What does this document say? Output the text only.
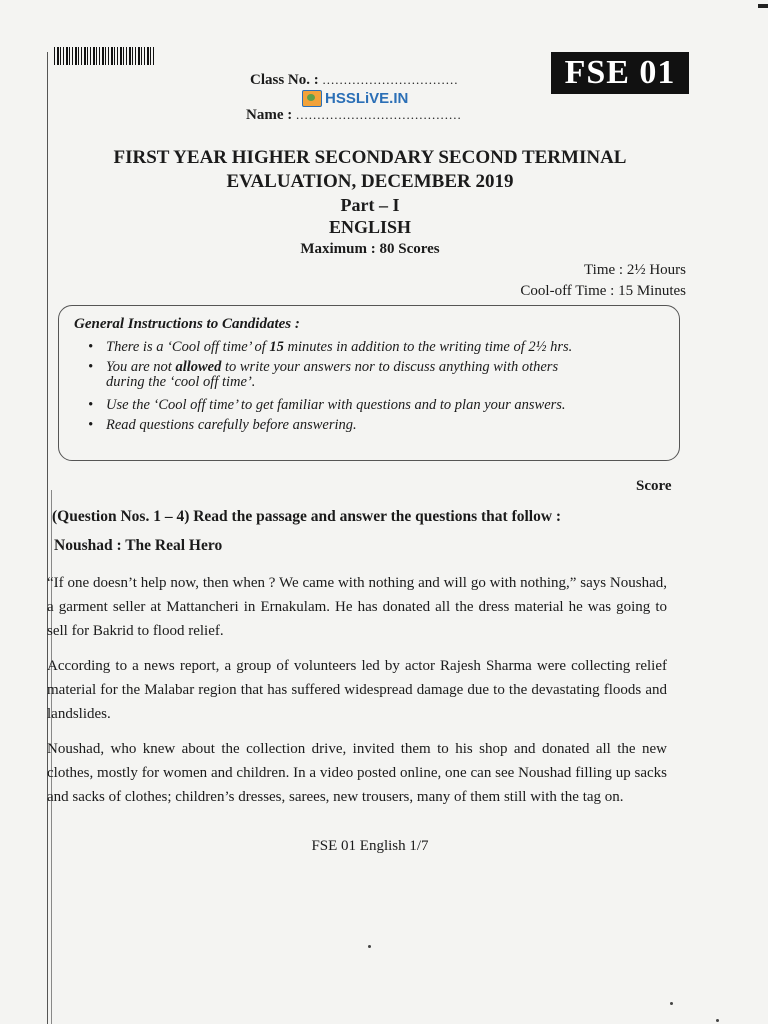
Class No. : ................................
HSSLiVE.IN
Name : .......................................
FSE 01
FIRST YEAR HIGHER SECONDARY SECOND TERMINAL
EVALUATION, DECEMBER 2019
Part – I
ENGLISH
Maximum : 80 Scores
Time : 2½ Hours
Cool-off Time : 15 Minutes
General Instructions to Candidates :
• There is a ‘Cool off time’ of 15 minutes in addition to the writing time of 2½ hrs.
• You are not allowed to write your answers nor to discuss anything with others
during the ‘cool off time’.
• Use the ‘Cool off time’ to get familiar with questions and to plan your answers.
• Read questions carefully before answering.
Score
(Question Nos. 1 – 4) Read the passage and answer the questions that follow :
Noushad : The Real Hero
“If one doesn’t help now, then when ? We came with nothing and will go with nothing,” says Noushad, a garment seller at Mattancheri in Ernakulam. He has donated all the dress material he was going to sell for Bakrid to flood relief.
According to a news report, a group of volunteers led by actor Rajesh Sharma were collecting relief material for the Malabar region that has suffered widespread damage due to the devastating floods and landslides.
Noushad, who knew about the collection drive, invited them to his shop and donated all the new clothes, mostly for women and children. In a video posted online, one can see Noushad filling up sacks and sacks of clothes; children’s dresses, sarees, new trousers, many of them still with the tag on.
FSE 01 English 1/7
